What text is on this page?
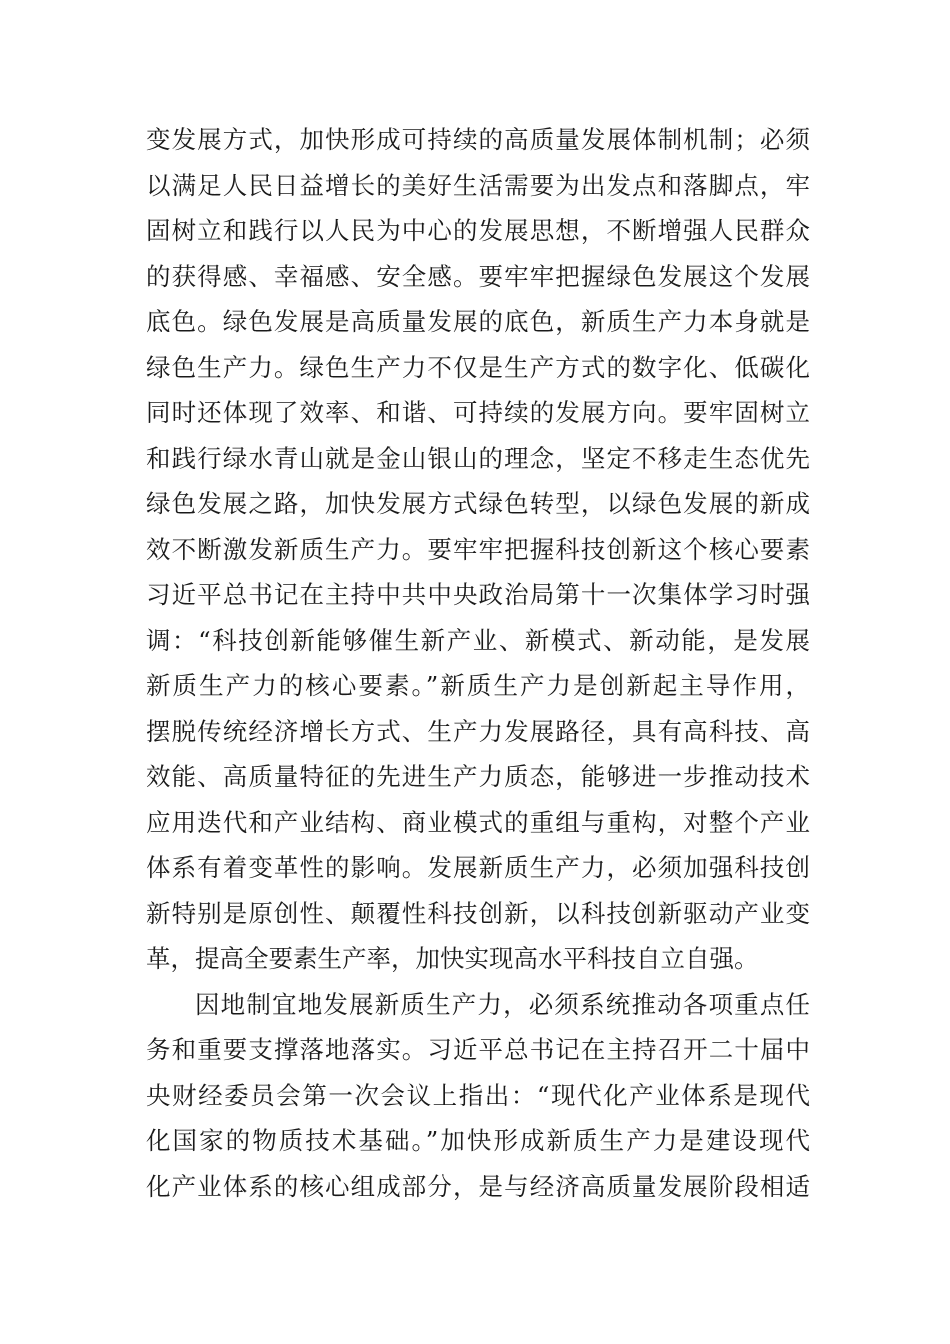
变发展方式，加快形成可持续的高质量发展体制机制；必须
以满足人民日益增长的美好生活需要为出发点和落脚点，牢
固树立和践行以人民为中心的发展思想，不断增强人民群众
的获得感、幸福感、安全感。要牢牢把握绿色发展这个发展
底色。绿色发展是高质量发展的底色，新质生产力本身就是
绿色生产力。绿色生产力不仅是生产方式的数字化、低碳化
同时还体现了效率、和谐、可持续的发展方向。要牢固树立
和践行绿水青山就是金山银山的理念，坚定不移走生态优先
绿色发展之路，加快发展方式绿色转型，以绿色发展的新成
效不断激发新质生产力。要牢牢把握科技创新这个核心要素
习近平总书记在主持中共中央政治局第十一次集体学习时强
调：“科技创新能够催生新产业、新模式、新动能，是发展
新质生产力的核心要素。”新质生产力是创新起主导作用，
摆脱传统经济增长方式、生产力发展路径，具有高科技、高
效能、高质量特征的先进生产力质态，能够进一步推动技术
应用迭代和产业结构、商业模式的重组与重构，对整个产业
体系有着变革性的影响。发展新质生产力，必须加强科技创
新特别是原创性、颠覆性科技创新，以科技创新驱动产业变
革，提高全要素生产率，加快实现高水平科技自立自强。
因地制宜地发展新质生产力，必须系统推动各项重点任
务和重要支撑落地落实。习近平总书记在主持召开二十届中
央财经委员会第一次会议上指出：“现代化产业体系是现代
化国家的物质技术基础。”加快形成新质生产力是建设现代
化产业体系的核心组成部分，是与经济高质量发展阶段相适
